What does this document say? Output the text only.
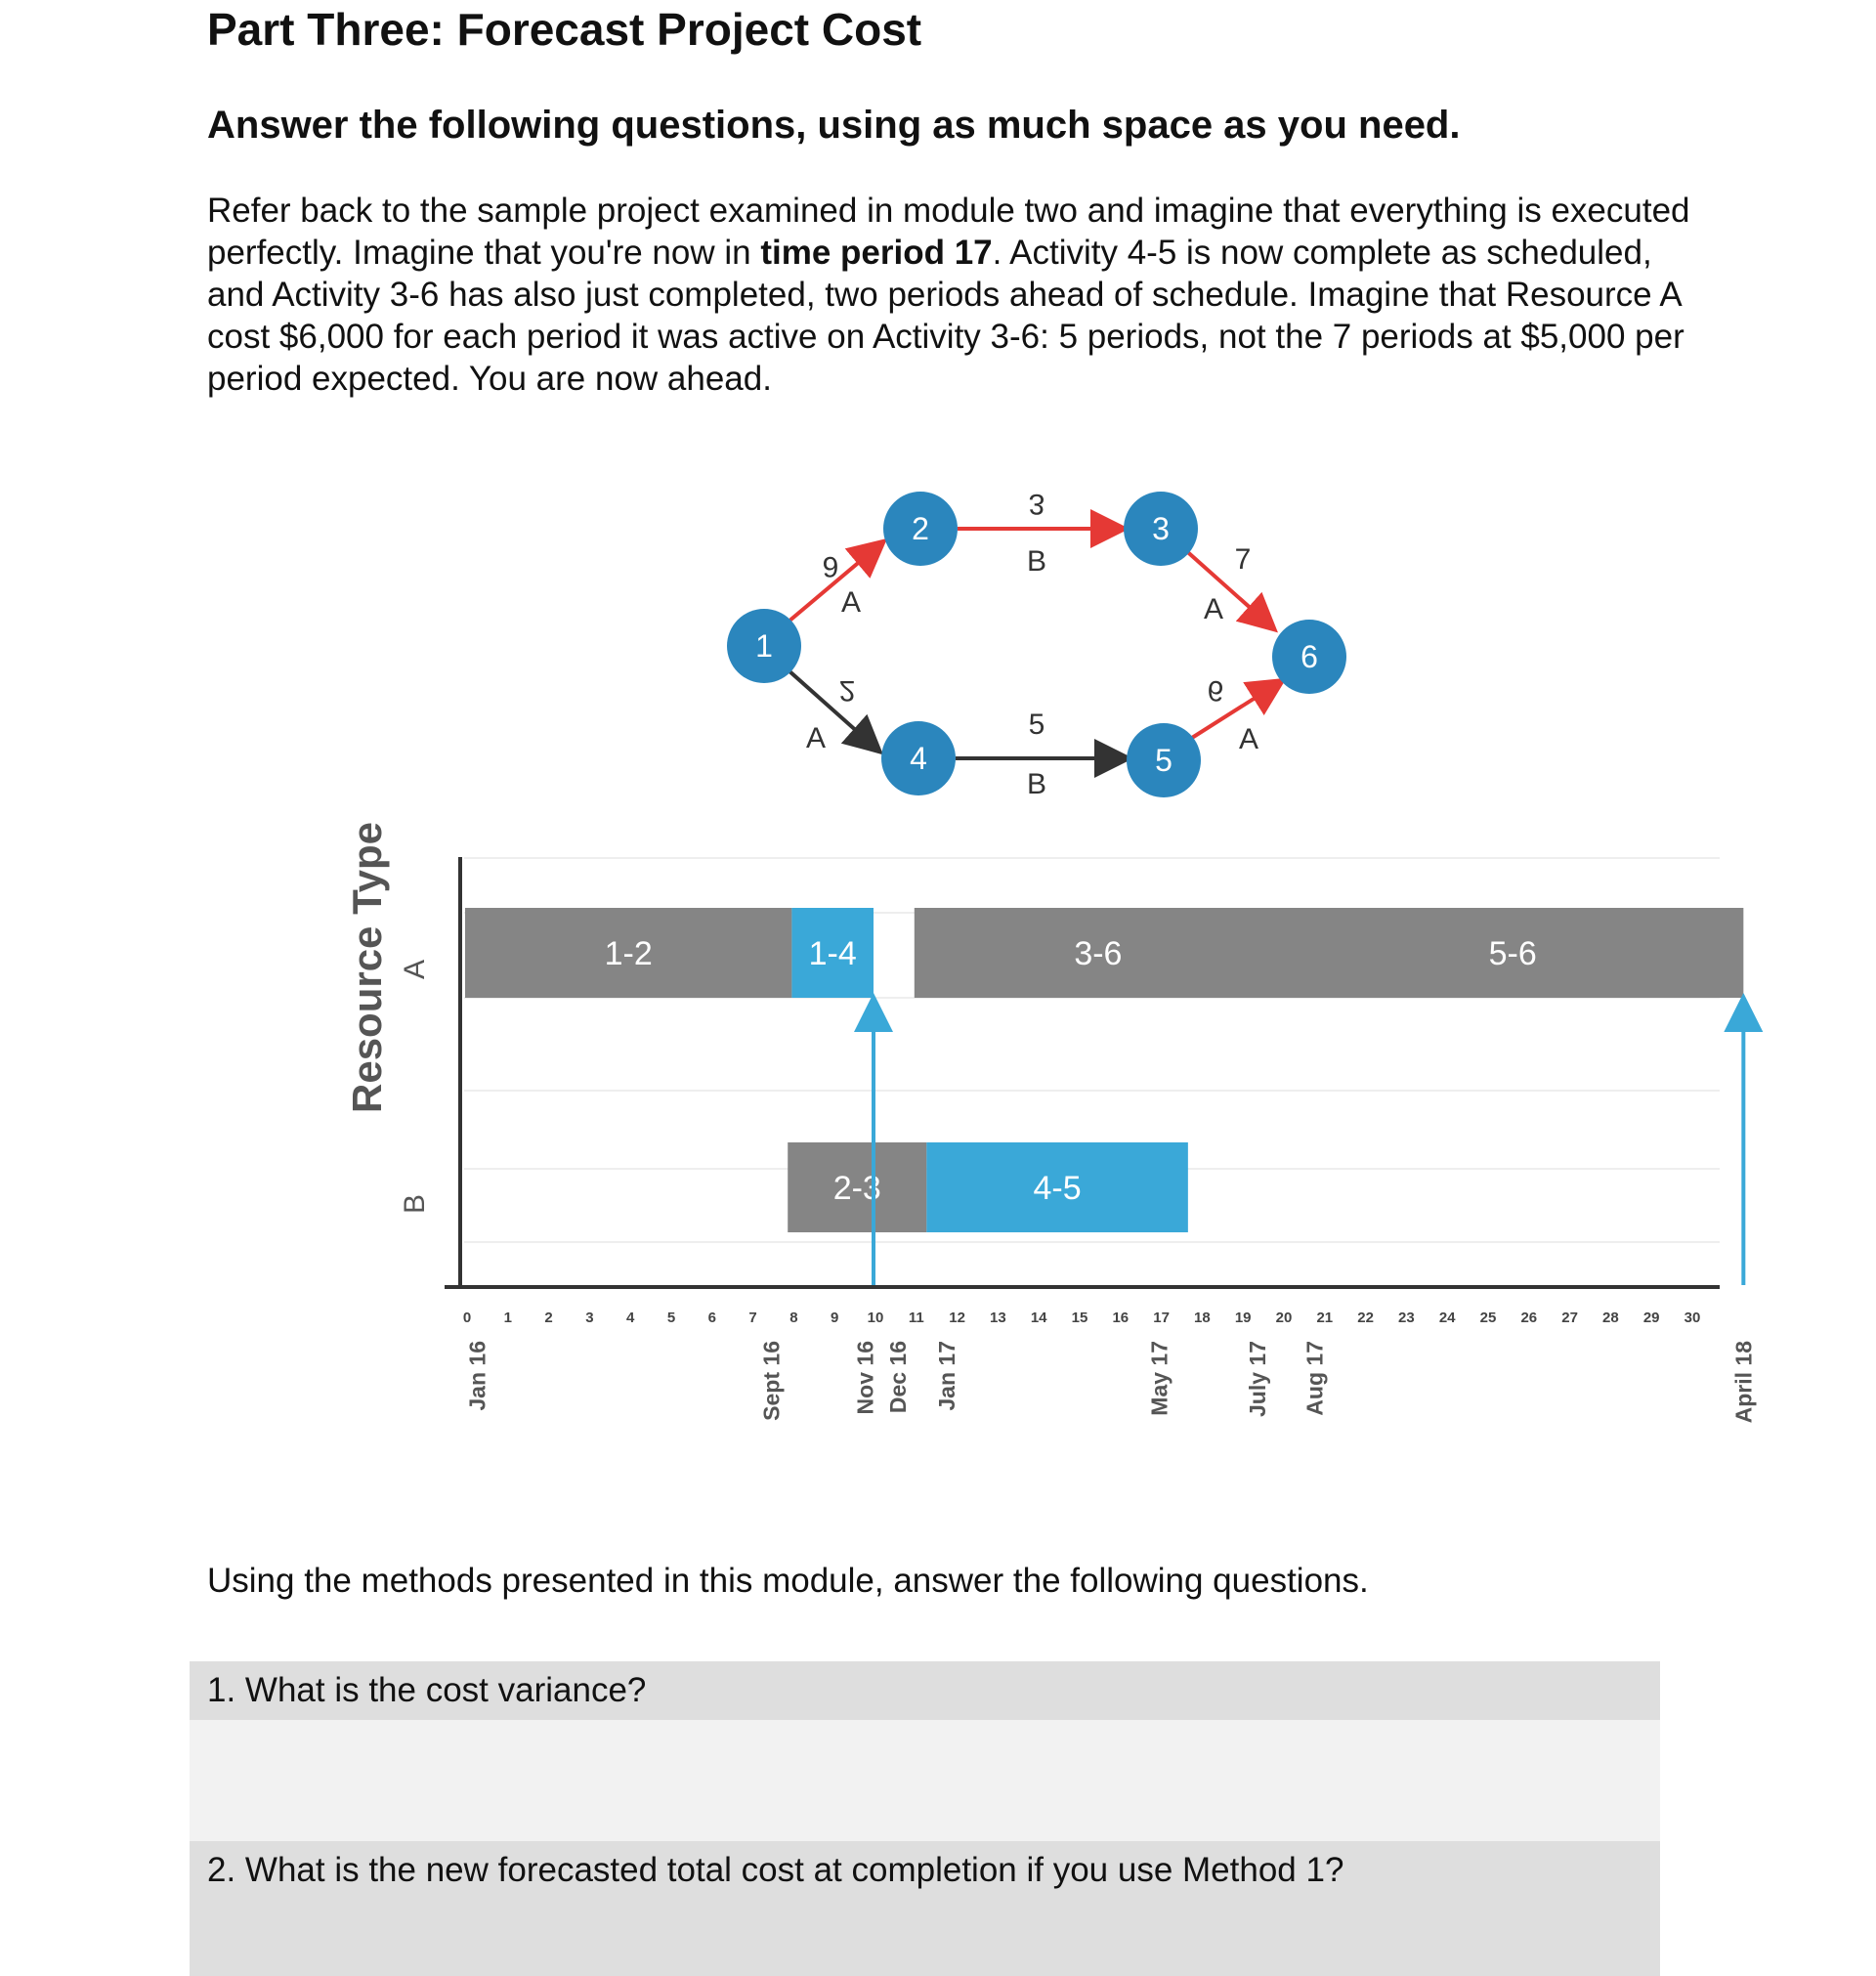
Part Three: Forecast Project Cost
Answer the following questions, using as much space as you need.

Refer back to the sample project examined in module two and imagine that everything is executed perfectly. Imagine that you're now in time period 17. Activity 4-5 is now complete as scheduled, and Activity 3-6 has also just completed, two periods ahead of schedule. Imagine that Resource A cost $6,000 for each period it was active on Activity 3-6: 5 periods, not the 7 periods at $5,000 per period expected. You are now ahead.

6
A
3
B	7
A
2
A	5
B
6
A
1
2	3
4	5
6
Resource Type A
B
1-2	1-4	3-6	5-6
2-3	4-5
0 1 2 3 4 5 6 7 8 9 10 11 12 13 14 15 16 17 18 19 20 21 22 23 24 25 26 27 28 29 30
Jan 16	Sept 16	Nov 16 Dec 16 Jan 17	May 17	July 17 Aug 17	April 18

Using the methods presented in this module, answer the following questions.

1. What is the cost variance?
2. What is the new forecasted total cost at completion if you use Method 1?
